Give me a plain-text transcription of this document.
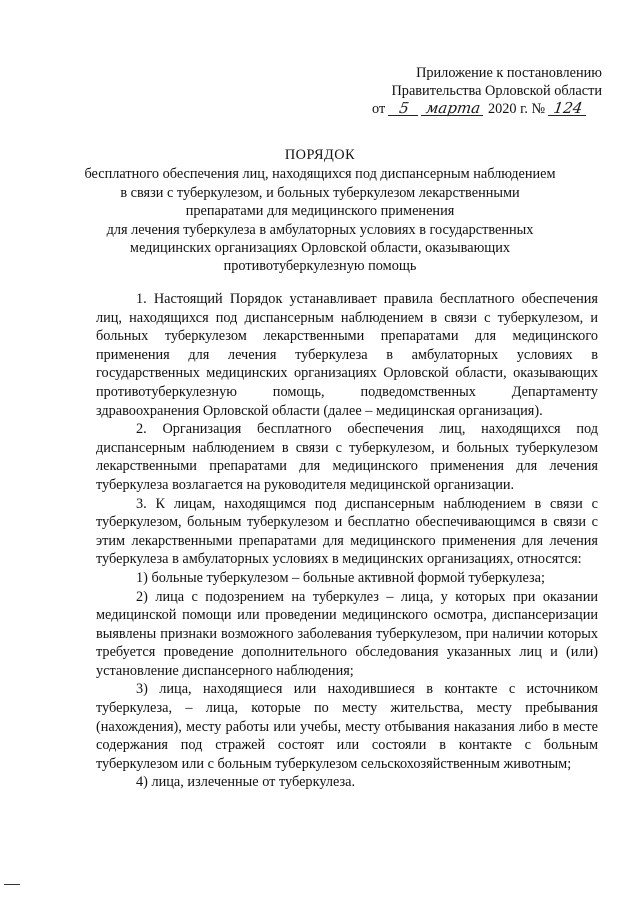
Приложение к постановлению
Правительства Орловской области
от 5 марта 2020 г. № 124
ПОРЯДОК
бесплатного обеспечения лиц, находящихся под диспансерным наблюдением
в связи с туберкулезом, и больных туберкулезом лекарственными
препаратами для медицинского применения
для лечения туберкулеза в амбулаторных условиях в государственных
медицинских организациях Орловской области, оказывающих
противотуберкулезную помощь

1. Настоящий Порядок устанавливает правила бесплатного обеспечения лиц, находящихся под диспансерным наблюдением в связи с туберкулезом, и больных туберкулезом лекарственными препаратами для медицинского применения для лечения туберкулеза в амбулаторных условиях в государственных медицинских организациях Орловской области, оказывающих противотуберкулезную помощь, подведомственных Департаменту здравоохранения Орловской области (далее – медицинская организация).

2. Организация бесплатного обеспечения лиц, находящихся под диспансерным наблюдением в связи с туберкулезом, и больных туберкулезом лекарственными препаратами для медицинского применения для лечения туберкулеза возлагается на руководителя медицинской организации.

3. К лицам, находящимся под диспансерным наблюдением в связи с туберкулезом, больным туберкулезом и бесплатно обеспечивающимся в связи с этим лекарственными препаратами для медицинского применения для лечения туберкулеза в амбулаторных условиях в медицинских организациях, относятся:

1) больные туберкулезом – больные активной формой туберкулеза;

2) лица с подозрением на туберкулез – лица, у которых при оказании медицинской помощи или проведении медицинского осмотра, диспансеризации выявлены признаки возможного заболевания туберкулезом, при наличии которых требуется проведение дополнительного обследования указанных лиц и (или) установление диспансерного наблюдения;

3) лица, находящиеся или находившиеся в контакте с источником туберкулеза, – лица, которые по месту жительства, месту пребывания (нахождения), месту работы или учебы, месту отбывания наказания либо в месте содержания под стражей состоят или состояли в контакте с больным туберкулезом или с больным туберкулезом сельскохозяйственным животным;

4) лица, излеченные от туберкулеза.
